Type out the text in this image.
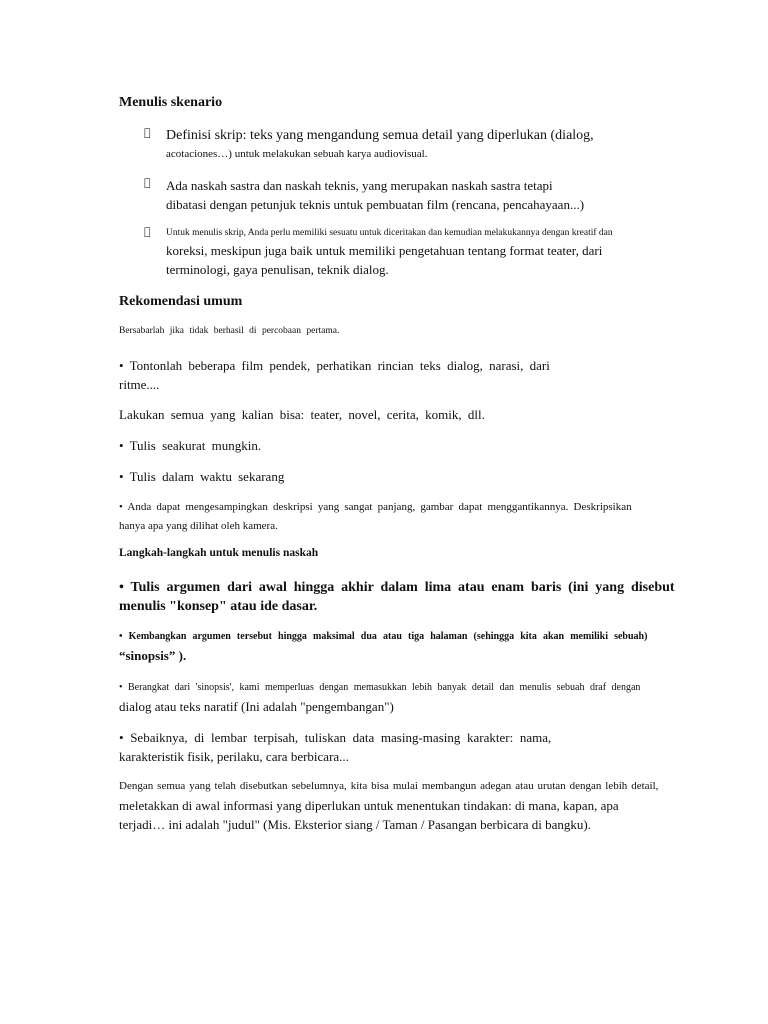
Menulis skenario
Definisi skrip: teks yang mengandung semua detail yang diperlukan (dialog,
acotaciones…) untuk melakukan sebuah karya audiovisual.
Ada naskah sastra dan naskah teknis, yang merupakan naskah sastra tetapi
dibatasi dengan petunjuk teknis untuk pembuatan film (rencana, pencahayaan...)
Untuk menulis skrip, Anda perlu memiliki sesuatu untuk diceritakan dan kemudian melakukannya dengan kreatif dan
koreksi, meskipun juga baik untuk memiliki pengetahuan tentang format teater, dari
terminologi, gaya penulisan, teknik dialog.
Rekomendasi umum
Bersabarlah jika tidak berhasil di percobaan pertama.
• Tontonlah beberapa film pendek, perhatikan rincian teks dialog, narasi, dari
ritme....
Lakukan semua yang kalian bisa: teater, novel, cerita, komik, dll.
• Tulis seakurat mungkin.
• Tulis dalam waktu sekarang
• Anda dapat mengesampingkan deskripsi yang sangat panjang, gambar dapat menggantikannya. Deskripsikan
hanya apa yang dilihat oleh kamera.
Langkah-langkah untuk menulis naskah
• Tulis argumen dari awal hingga akhir dalam lima atau enam baris (ini yang disebut
menulis "konsep" atau ide dasar.
• Kembangkan argumen tersebut hingga maksimal dua atau tiga halaman (sehingga kita akan memiliki sebuah)
“sinopsis” ).
• Berangkat dari 'sinopsis', kami memperluas dengan memasukkan lebih banyak detail dan menulis sebuah draf dengan
dialog atau teks naratif (Ini adalah "pengembangan")
• Sebaiknya, di lembar terpisah, tuliskan data masing-masing karakter: nama,
karakteristik fisik, perilaku, cara berbicara...
Dengan semua yang telah disebutkan sebelumnya, kita bisa mulai membangun adegan atau urutan dengan lebih detail,
meletakkan di awal informasi yang diperlukan untuk menentukan tindakan: di mana, kapan, apa
terjadi… ini adalah "judul" (Mis. Eksterior siang / Taman / Pasangan berbicara di bangku).
